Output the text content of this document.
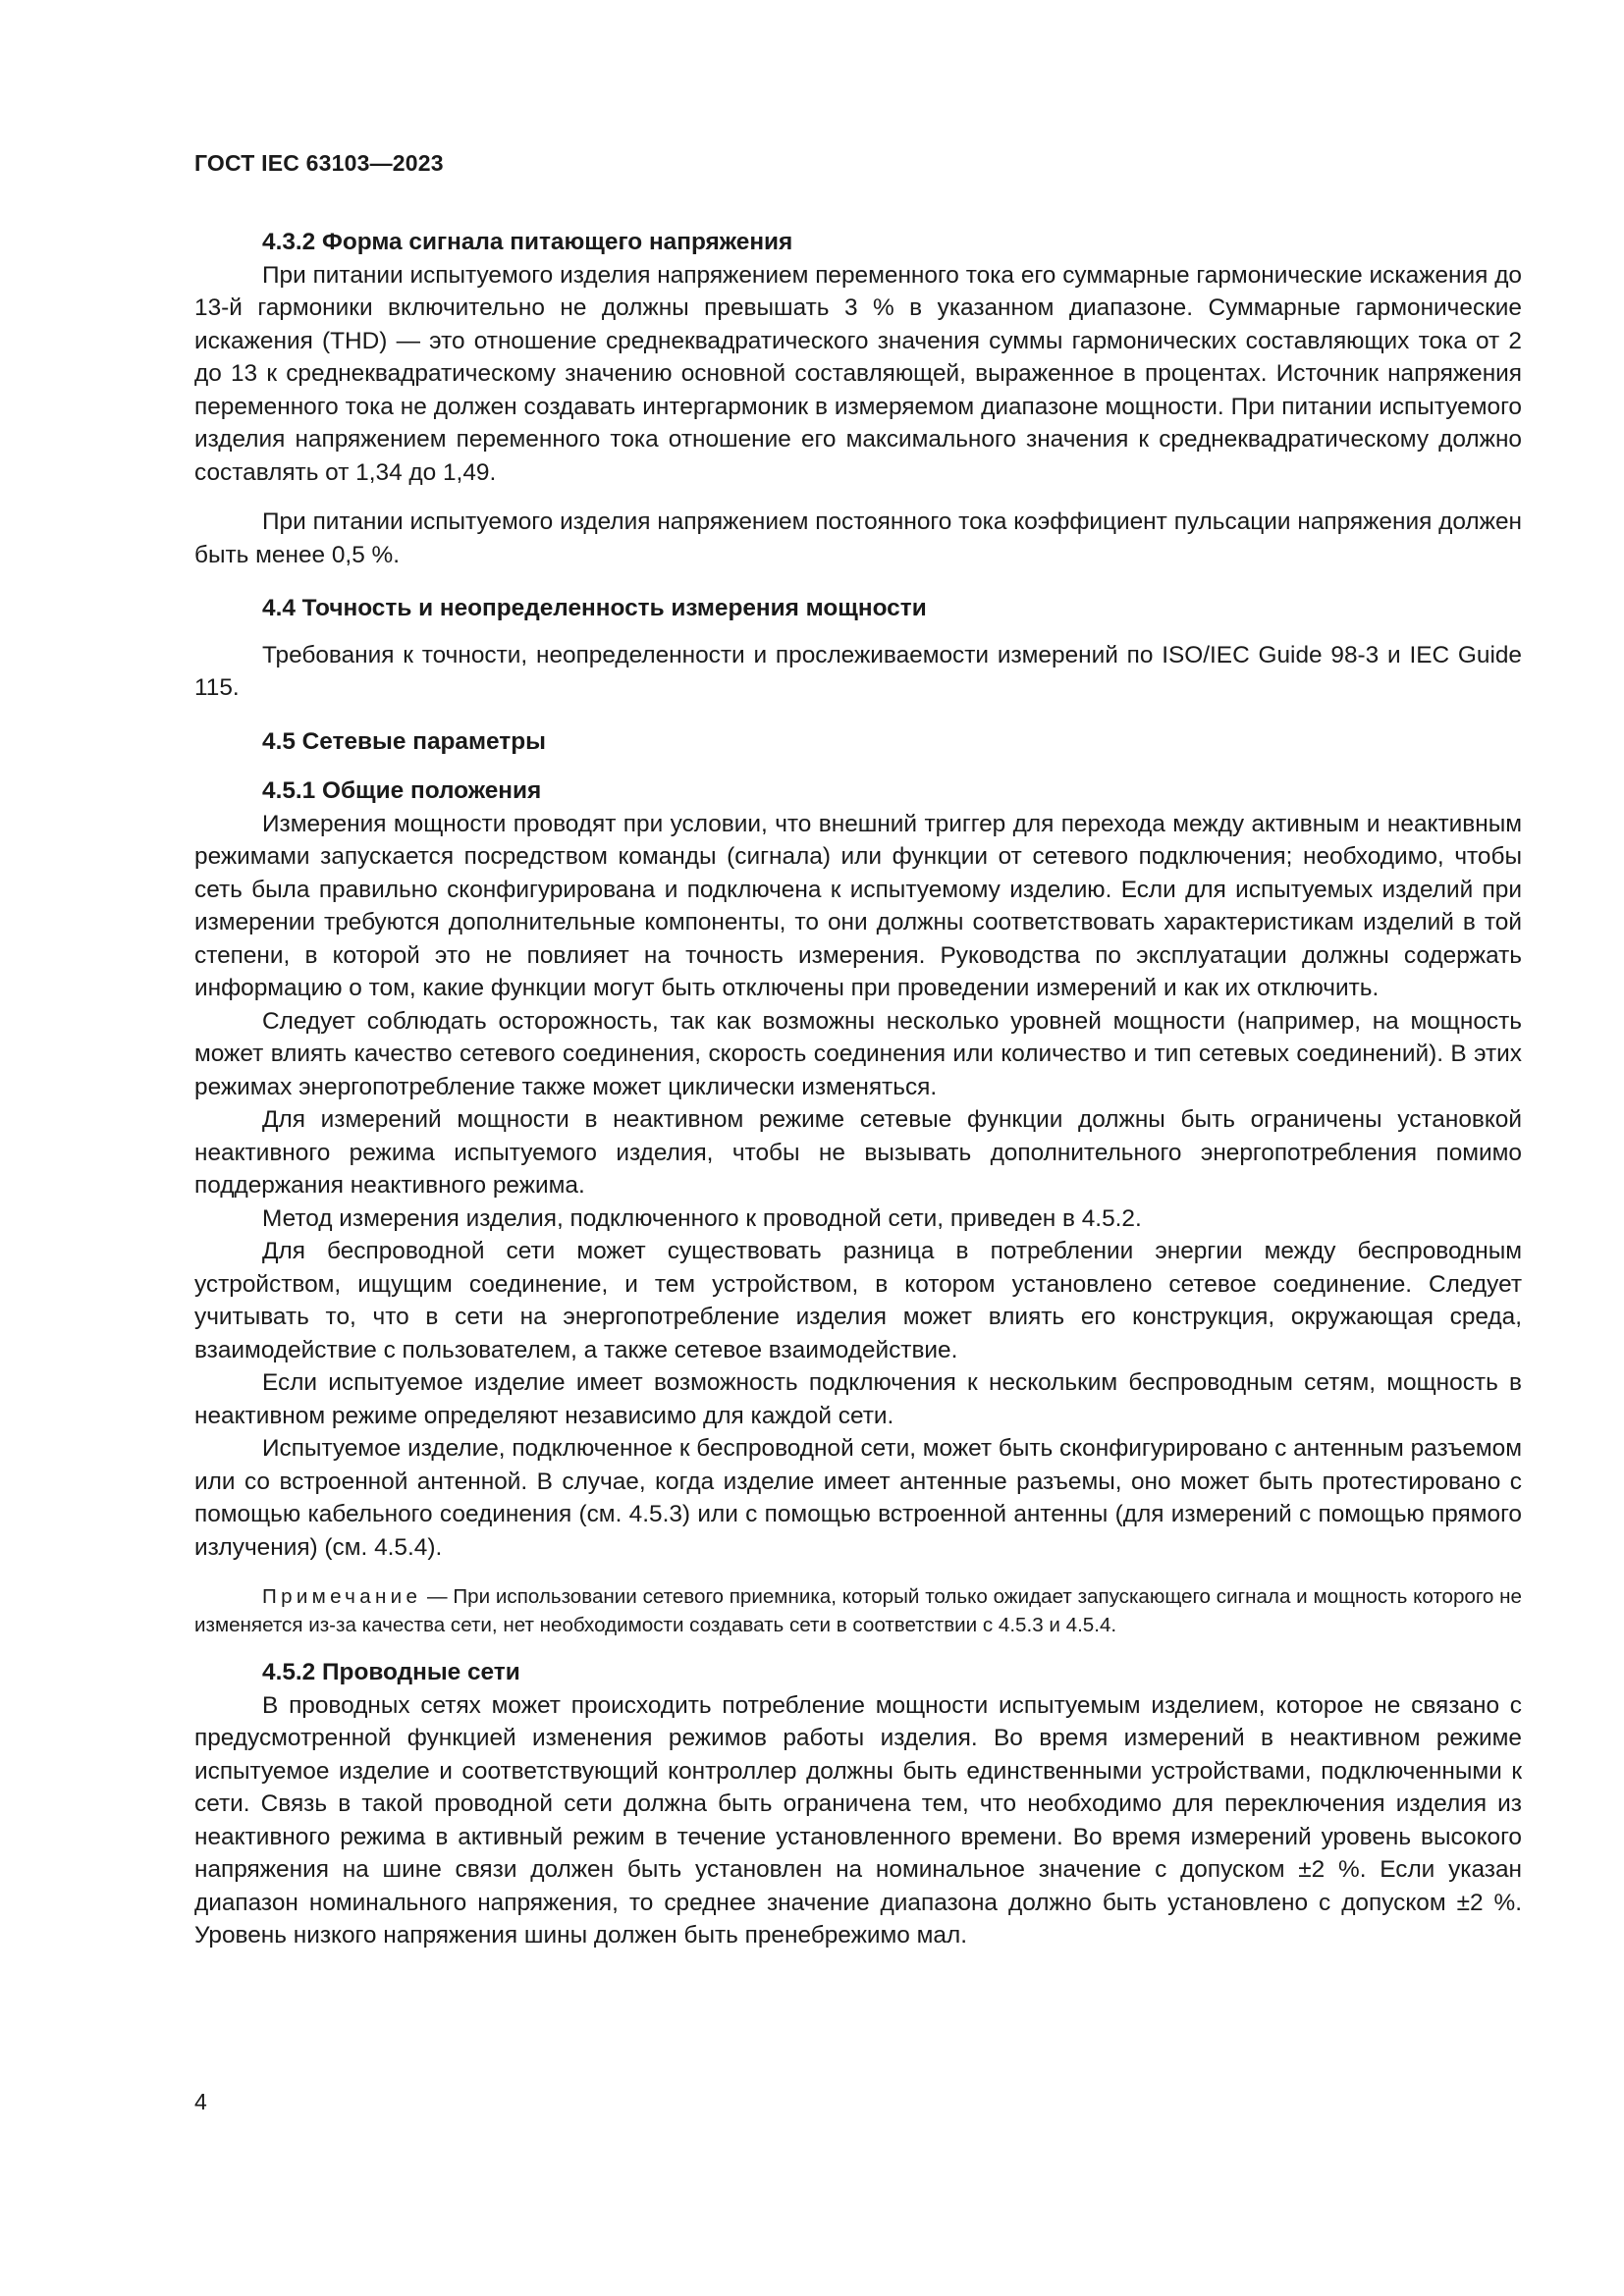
ГОСТ IEC 63103—2023
4.3.2 Форма сигнала питающего напряжения

При питании испытуемого изделия напряжением переменного тока его суммарные гармонические искажения до 13-й гармоники включительно не должны превышать 3 % в указанном диапазоне. Суммарные гармонические искажения (THD) — это отношение среднеквадратического значения суммы гармонических составляющих тока от 2 до 13 к среднеквадратическому значению основной составляющей, выраженное в процентах. Источник напряжения переменного тока не должен создавать интергармоник в измеряемом диапазоне мощности. При питании испытуемого изделия напряжением переменного тока отношение его максимального значения к среднеквадратическому должно составлять от 1,34 до 1,49.

При питании испытуемого изделия напряжением постоянного тока коэффициент пульсации напряжения должен быть менее 0,5 %.

4.4 Точность и неопределенность измерения мощности

Требования к точности, неопределенности и прослеживаемости измерений по ISO/IEC Guide 98-3 и IEC Guide 115.

4.5 Сетевые параметры
4.5.1 Общие положения

Измерения мощности проводят при условии, что внешний триггер для перехода между активным и неактивным режимами запускается посредством команды (сигнала) или функции от сетевого подключения; необходимо, чтобы сеть была правильно сконфигурирована и подключена к испытуемому изделию. Если для испытуемых изделий при измерении требуются дополнительные компоненты, то они должны соответствовать характеристикам изделий в той степени, в которой это не повлияет на точность измерения. Руководства по эксплуатации должны содержать информацию о том, какие функции могут быть отключены при проведении измерений и как их отключить.

Следует соблюдать осторожность, так как возможны несколько уровней мощности (например, на мощность может влиять качество сетевого соединения, скорость соединения или количество и тип сетевых соединений). В этих режимах энергопотребление также может циклически изменяться.

Для измерений мощности в неактивном режиме сетевые функции должны быть ограничены установкой неактивного режима испытуемого изделия, чтобы не вызывать дополнительного энергопотребления помимо поддержания неактивного режима.

Метод измерения изделия, подключенного к проводной сети, приведен в 4.5.2.

Для беспроводной сети может существовать разница в потреблении энергии между беспроводным устройством, ищущим соединение, и тем устройством, в котором установлено сетевое соединение. Следует учитывать то, что в сети на энергопотребление изделия может влиять его конструкция, окружающая среда, взаимодействие с пользователем, а также сетевое взаимодействие.

Если испытуемое изделие имеет возможность подключения к нескольким беспроводным сетям, мощность в неактивном режиме определяют независимо для каждой сети.

Испытуемое изделие, подключенное к беспроводной сети, может быть сконфигурировано с антенным разъемом или со встроенной антенной. В случае, когда изделие имеет антенные разъемы, оно может быть протестировано с помощью кабельного соединения (см. 4.5.3) или с помощью встроенной антенны (для измерений с помощью прямого излучения) (см. 4.5.4).

Примечание — При использовании сетевого приемника, который только ожидает запускающего сигнала и мощность которого не изменяется из-за качества сети, нет необходимости создавать сети в соответствии с 4.5.3 и 4.5.4.

4.5.2 Проводные сети

В проводных сетях может происходить потребление мощности испытуемым изделием, которое не связано с предусмотренной функцией изменения режимов работы изделия. Во время измерений в неактивном режиме испытуемое изделие и соответствующий контроллер должны быть единственными устройствами, подключенными к сети. Связь в такой проводной сети должна быть ограничена тем, что необходимо для переключения изделия из неактивного режима в активный режим в течение установленного времени. Во время измерений уровень высокого напряжения на шине связи должен быть установлен на номинальное значение с допуском ±2 %. Если указан диапазон номинального напряжения, то среднее значение диапазона должно быть установлено с допуском ±2 %. Уровень низкого напряжения шины должен быть пренебрежимо мал.

4
